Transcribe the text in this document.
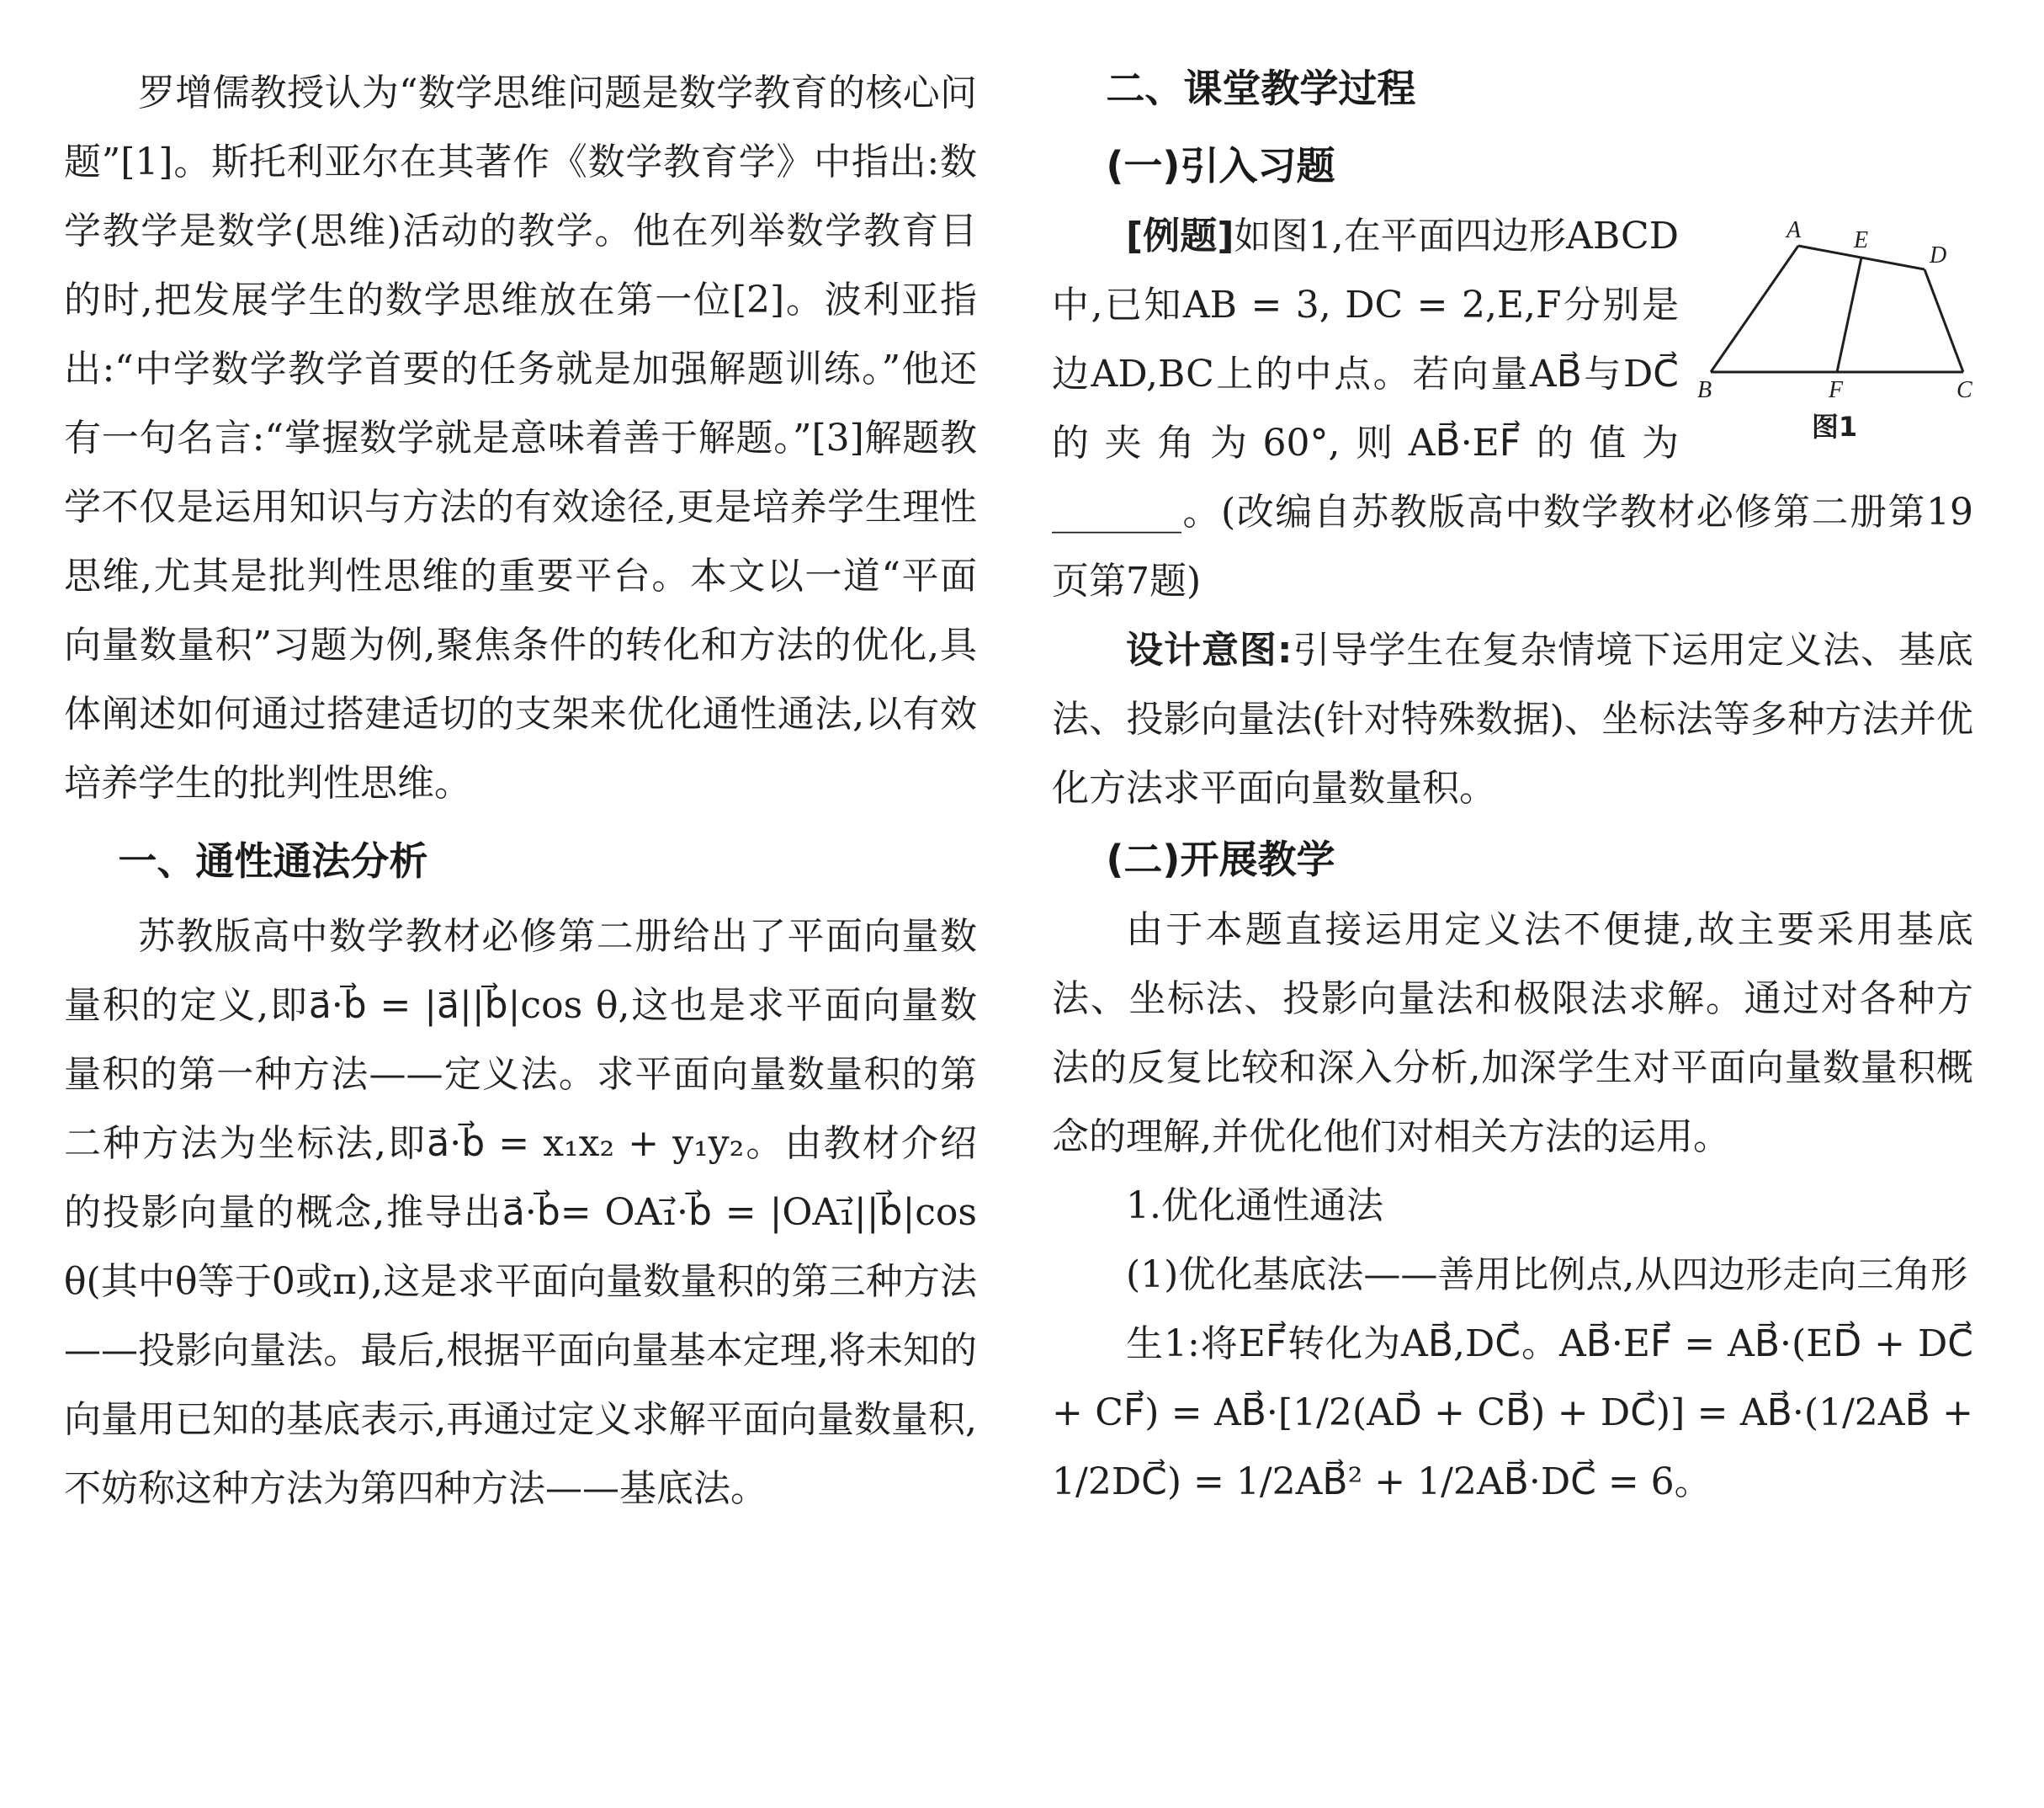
罗增儒教授认为“数学思维问题是数学教育的核心问题”[1]。斯托利亚尔在其著作《数学教育学》中指出:数学教学是数学(思维)活动的教学。他在列举数学教育目的时,把发展学生的数学思维放在第一位[2]。波利亚指出:“中学数学教学首要的任务就是加强解题训练。”他还有一句名言:“掌握数学就是意味着善于解题。”[3]解题教学不仅是运用知识与方法的有效途径,更是培养学生理性思维,尤其是批判性思维的重要平台。本文以一道“平面向量数量积”习题为例,聚焦条件的转化和方法的优化,具体阐述如何通过搭建适切的支架来优化通性通法,以有效培养学生的批判性思维。

一、通性通法分析

苏教版高中数学教材必修第二册给出了平面向量数量积的定义,即a⃗·b⃗ = |a⃗||b⃗|cos θ,这也是求平面向量数量积的第一种方法——定义法。求平面向量数量积的第二种方法为坐标法,即a⃗·b⃗ = x₁x₂ + y₁y₂。由教材介绍的投影向量的概念,推导出a⃗·b⃗= OA₁⃗·b⃗ = |OA₁⃗||b⃗|cos θ(其中θ等于0或π),这是求平面向量数量积的第三种方法——投影向量法。最后,根据平面向量基本定理,将未知的向量用已知的基底表示,再通过定义求解平面向量数量积,不妨称这种方法为第四种方法——基底法。

二、课堂教学过程
(一)引入习题
A E
D
B	F	C
图1

[例题]如图1,在平面四边形ABCD中,已知AB = 3, DC = 2,E,F分别是边AD,BC上的中点。若向量AB⃗与DC⃗的夹角为60°,则AB⃗·EF⃗的值为_______。(改编自苏教版高中数学教材必修第二册第19页第7题)

设计意图:引导学生在复杂情境下运用定义法、基底法、投影向量法(针对特殊数据)、坐标法等多种方法并优化方法求平面向量数量积。

(二)开展教学

由于本题直接运用定义法不便捷,故主要采用基底法、坐标法、投影向量法和极限法求解。通过对各种方法的反复比较和深入分析,加深学生对平面向量数量积概念的理解,并优化他们对相关方法的运用。

1.优化通性通法

(1)优化基底法——善用比例点,从四边形走向三角形

生1:将EF⃗转化为AB⃗,DC⃗。AB⃗·EF⃗ = AB⃗·(ED⃗ + DC⃗ + CF⃗) = AB⃗·[1/2(AD⃗ + CB⃗) + DC⃗)] = AB⃗·(1/2AB⃗ + 1/2DC⃗) = 1/2AB⃗² + 1/2AB⃗·DC⃗ = 6。
